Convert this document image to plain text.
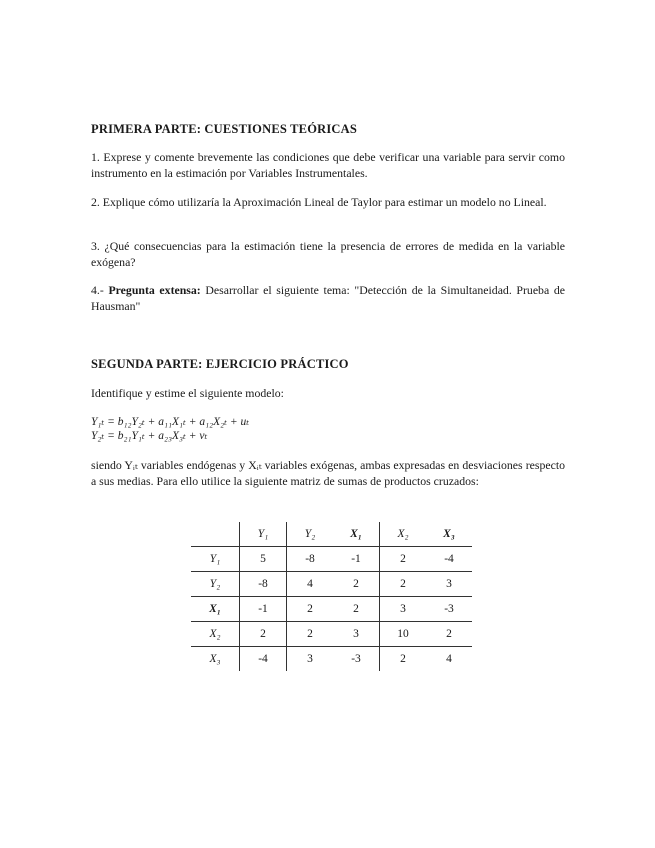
PRIMERA PARTE: CUESTIONES TEÓRICAS
1. Exprese y comente brevemente las condiciones que debe verificar una variable para servir como instrumento en la estimación por Variables Instrumentales.
2. Explique cómo utilizaría la Aproximación Lineal de Taylor para estimar un modelo no Lineal.
3. ¿Qué consecuencias para la estimación tiene la presencia de errores de medida en la variable exógena?
4.- Pregunta extensa: Desarrollar el siguiente tema: "Detección de la Simultaneidad. Prueba de Hausman"
SEGUNDA PARTE: EJERCICIO PRÁCTICO
Identifique y estime el siguiente modelo:
Y₁ₜ = b₁₂Y₂ₜ + a₁₁X₁ₜ + a₁₂X₂ₜ + uₜ
Y₂ₜ = b₂₁Y₁ₜ + a₂₃X₃ₜ + vₜ
siendo Yᵢₜ variables endógenas y Xᵢₜ variables exógenas, ambas expresadas en desviaciones respecto a sus medias. Para ello utilice la siguiente matriz de sumas de productos cruzados:
	Y₁	Y₂	X₁	X₂	X₃
Y₁	5	-8	-1	2	-4
Y₂	-8	4	2	2	3
X₁	-1	2	2	3	-3
X₂	2	2	3	10	2
X₃	-4	3	-3	2	4
